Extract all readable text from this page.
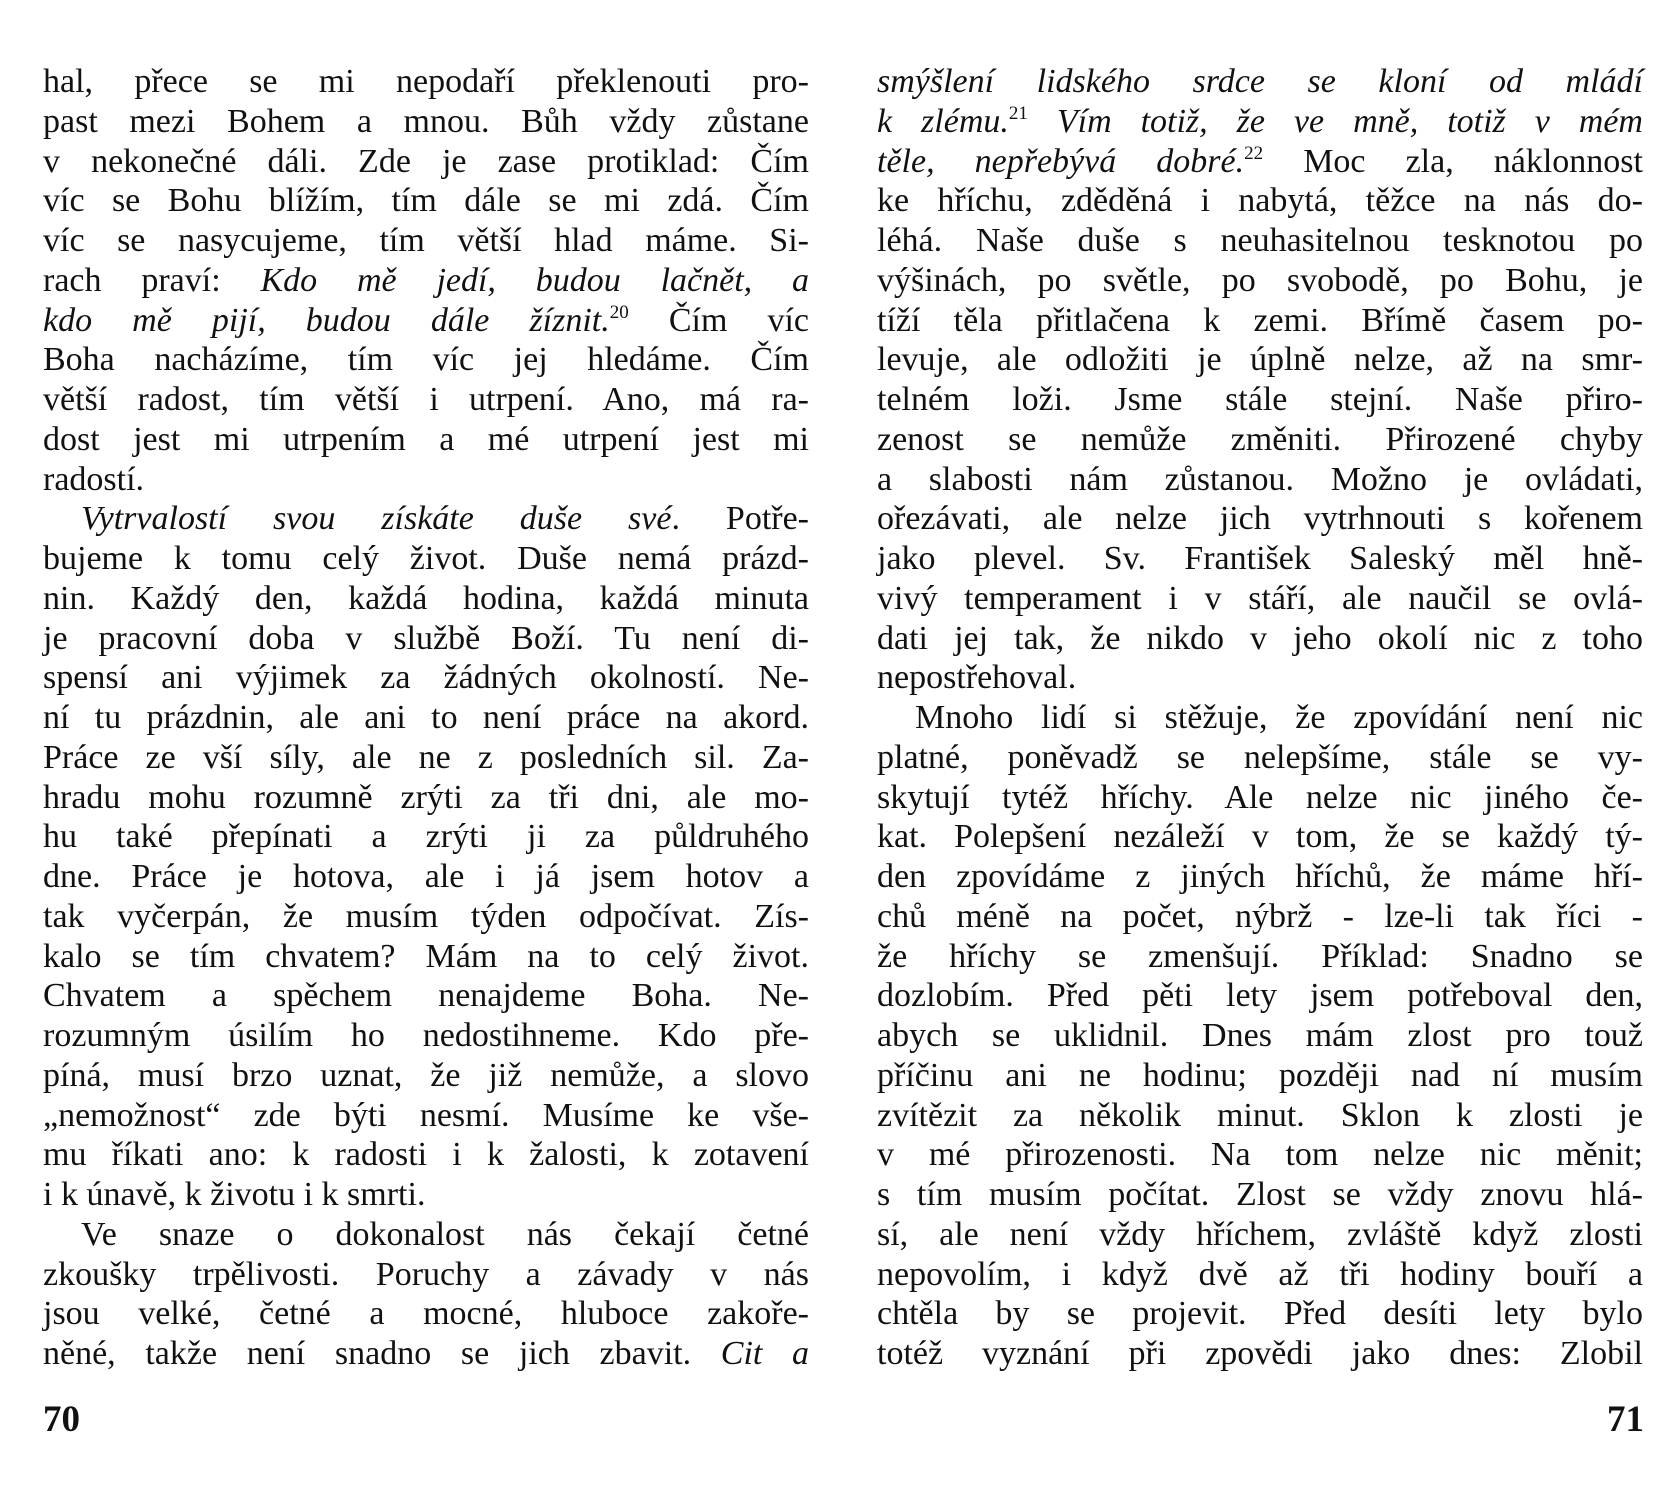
hal, přece se mi nepodaří překlenouti pro-
past mezi Bohem a mnou. Bůh vždy zůstane
v nekonečné dáli. Zde je zase protiklad: Čím
víc se Bohu blížím, tím dále se mi zdá. Čím
víc se nasycujeme, tím větší hlad máme. Si-
rach praví: Kdo mě jedí, budou lačnět, a
kdo mě pijí, budou dále žíznit.$^{20}$ Čím víc
Boha nacházíme, tím víc jej hledáme. Čím
větší radost, tím větší i utrpení. Ano, má ra-
dost jest mi utrpením a mé utrpení jest mi
radostí.
Vytrvalostí svou získáte duše své. Potře-
bujeme k tomu celý život. Duše nemá prázd-
nin. Každý den, každá hodina, každá minuta
je pracovní doba v službě Boží. Tu není di-
spensí ani výjimek za žádných okolností. Ne-
ní tu prázdnin, ale ani to není práce na akord.
Práce ze vší síly, ale ne z posledních sil. Za-
hradu mohu rozumně zrýti za tři dni, ale mo-
hu také přepínati a zrýti ji za půldruhého
dne. Práce je hotova, ale i já jsem hotov a
tak vyčerpán, že musím týden odpočívat. Zís-
kalo se tím chvatem? Mám na to celý život.
Chvatem a spěchem nenajdeme Boha. Ne-
rozumným úsilím ho nedostihneme. Kdo pře-
píná, musí brzo uznat, že již nemůže, a slovo
„nemožnost“ zde býti nesmí. Musíme ke vše-
mu říkati ano: k radosti i k žalosti, k zotavení
i k únavě, k životu i k smrti.
Ve snaze o dokonalost nás čekají četné
zkoušky trpělivosti. Poruchy a závady v nás
jsou velké, četné a mocné, hluboce zakoře-
něné, takže není snadno se jich zbavit. Cit a
smýšlení lidského srdce se kloní od mládí
k zlému.$^{21}$ Vím totiž, že ve mně, totiž v mém
těle, nepřebývá dobré.$^{22}$ Moc zla, náklonnost
ke hříchu, zděděná i nabytá, těžce na nás do-
léhá. Naše duše s neuhasitelnou tesknotou po
výšinách, po světle, po svobodě, po Bohu, je
tíží těla přitlačena k zemi. Břímě časem po-
levuje, ale odložiti je úplně nelze, až na smr-
telném loži. Jsme stále stejní. Naše přiro-
zenost se nemůže změniti. Přirozené chyby
a slabosti nám zůstanou. Možno je ovládati,
ořezávati, ale nelze jich vytrhnouti s kořenem
jako plevel. Sv. František Saleský měl hně-
vivý temperament i v stáří, ale naučil se ovlá-
dati jej tak, že nikdo v jeho okolí nic z toho
nepostřehoval.
Mnoho lidí si stěžuje, že zpovídání není nic
platné, poněvadž se nelepšíme, stále se vy-
skytují tytéž hříchy. Ale nelze nic jiného če-
kat. Polepšení nezáleží v tom, že se každý tý-
den zpovídáme z jiných hříchů, že máme hří-
chů méně na počet, nýbrž - lze-li tak říci -
že hříchy se zmenšují. Příklad: Snadno se
dozlobím. Před pěti lety jsem potřeboval den,
abych se uklidnil. Dnes mám zlost pro touž
příčinu ani ne hodinu; později nad ní musím
zvítězit za několik minut. Sklon k zlosti je
v mé přirozenosti. Na tom nelze nic měnit;
s tím musím počítat. Zlost se vždy znovu hlá-
sí, ale není vždy hříchem, zvláště když zlosti
nepovolím, i když dvě až tři hodiny bouří a
chtěla by se projevit. Před desíti lety bylo
totéž vyznání při zpovědi jako dnes: Zlobil
70	71
